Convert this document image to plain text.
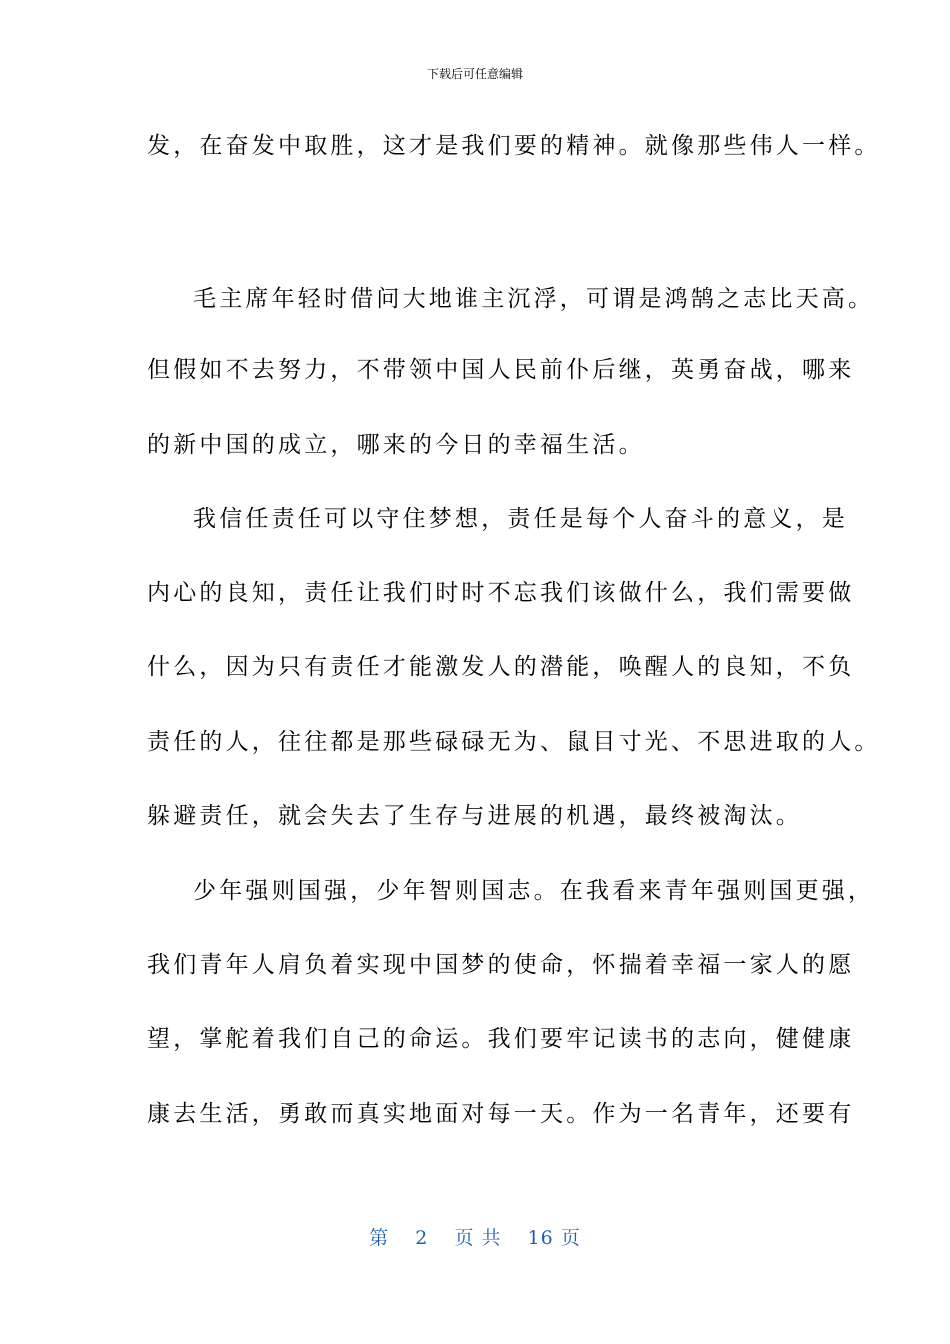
下载后可任意编辑
发，在奋发中取胜，这才是我们要的精神。就像那些伟人一样。
毛主席年轻时借问大地谁主沉浮，可谓是鸿鹄之志比天高。
但假如不去努力，不带领中国人民前仆后继，英勇奋战，哪来
的新中国的成立，哪来的今日的幸福生活。
我信任责任可以守住梦想，责任是每个人奋斗的意义，是
内心的良知，责任让我们时时不忘我们该做什么，我们需要做
什么，因为只有责任才能激发人的潜能，唤醒人的良知，不负
责任的人，往往都是那些碌碌无为、鼠目寸光、不思进取的人。
躲避责任，就会失去了生存与进展的机遇，最终被淘汰。
少年强则国强，少年智则国志。在我看来青年强则国更强，
我们青年人肩负着实现中国梦的使命，怀揣着幸福一家人的愿
望，掌舵着我们自己的命运。我们要牢记读书的志向，健健康
康去生活，勇敢而真实地面对每一天。作为一名青年，还要有
第 2 页 共 16 页
